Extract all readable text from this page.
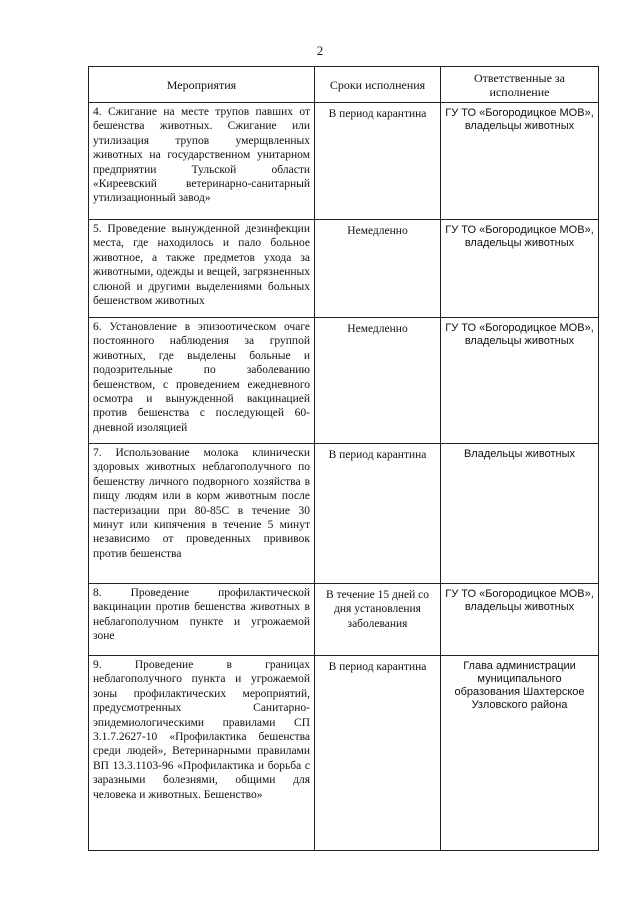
2
Мероприятия	Сроки исполнения	Ответственные за исполнение
4. Сжигание на месте трупов павших от бешенства животных. Сжигание или утилизация трупов умерщвленных животных на государственном унитарном предприятии Тульской области «Киреевский ветеринарно-санитарный утилизационный завод»	В период карантина	ГУ ТО «Богородицкое МОВ», владельцы животных
5. Проведение вынужденной дезинфекции места, где находилось и пало больное животное, а также предметов ухода за животными, одежды и вещей, загрязненных слюной и другими выделениями больных бешенством животных	Немедленно	ГУ ТО «Богородицкое МОВ», владельцы животных
6. Установление в эпизоотическом очаге постоянного наблюдения за группой животных, где выделены больные и подозрительные по заболеванию бешенством, с проведением ежедневного осмотра и вынужденной вакцинацией против бешенства с последующей 60-дневной изоляцией	Немедленно	ГУ ТО «Богородицкое МОВ», владельцы животных
7. Использование молока клинически здоровых животных неблагополучного по бешенству личного подворного хозяйства в пищу людям или в корм животным после пастеризации при 80-85С в течение 30 минут или кипячения в течение 5 минут независимо от проведенных прививок против бешенства	В период карантина	Владельцы животных
8. Проведение профилактической вакцинации против бешенства животных в неблагополучном пункте и угрожаемой зоне	В течение 15 дней со дня установления заболевания	ГУ ТО «Богородицкое МОВ», владельцы животных
9. Проведение в границах неблагополучного пункта и угрожаемой зоны профилактических мероприятий, предусмотренных Санитарно-эпидемиологическими правилами СП 3.1.7.2627-10 «Профилактика бешенства среди людей», Ветеринарными правилами ВП 13.3.1103-96 «Профилактика и борьба с заразными болезнями, общими для человека и животных. Бешенство»	В период карантина	Глава администрации муниципального образования Шахтерское Узловского района
